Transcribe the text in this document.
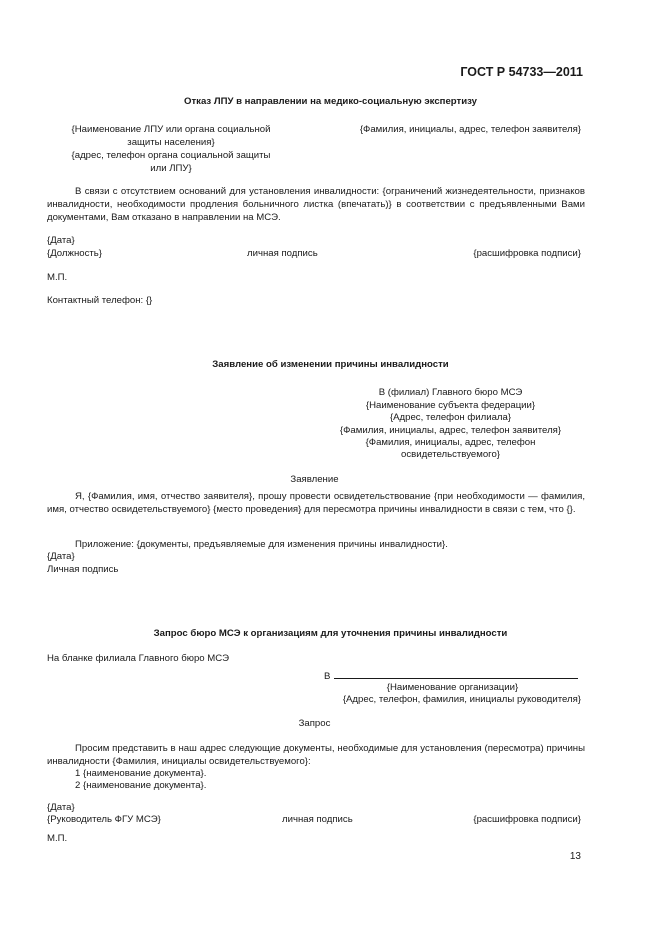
ГОСТ Р 54733—2011
Отказ ЛПУ в направлении на медико-социальную экспертизу
{Наименование ЛПУ или органа социальной
защиты населения}
{адрес, телефон органа социальной защиты
или ЛПУ}
{Фамилия, инициалы, адрес, телефон заявителя}
В связи с отсутствием оснований для установления инвалидности: {ограничений жизнедеятельности, признаков инвалидности, необходимости продления больничного листка (впечатать)} в соответствии с предъявленными Вами документами, Вам отказано в направлении на МСЭ.
{Дата}
{Должность}	личная подпись	{расшифровка подписи}
М.П.
Контактный телефон: {}
Заявление об изменении причины инвалидности
В (филиал) Главного бюро МСЭ
{Наименование субъекта федерации}
{Адрес, телефон филиала}
{Фамилия, инициалы, адрес, телефон заявителя}
{Фамилия, инициалы, адрес, телефон
освидетельствуемого}
Заявление
Я, {Фамилия, имя, отчество заявителя}, прошу провести освидетельствование {при необходимости — фамилия, имя, отчество освидетельствуемого} {место проведения} для пересмотра причины инвалидности в связи с тем, что {}.
Приложение: {документы, предъявляемые для изменения причины инвалидности}.
{Дата}
Личная подпись
Запрос бюро МСЭ к организациям для уточнения причины инвалидности
На бланке филиала Главного бюро МСЭ
В
{Наименование организации}
{Адрес, телефон, фамилия, инициалы руководителя}
Запрос
Просим представить в наш адрес следующие документы, необходимые для установления (пересмотра) причины инвалидности {Фамилия, инициалы освидетельствуемого}:
1 {наименование документа}.
2 {наименование документа}.
{Дата}
{Руководитель ФГУ МСЭ}	личная подпись	{расшифровка подписи}
М.П.
13
